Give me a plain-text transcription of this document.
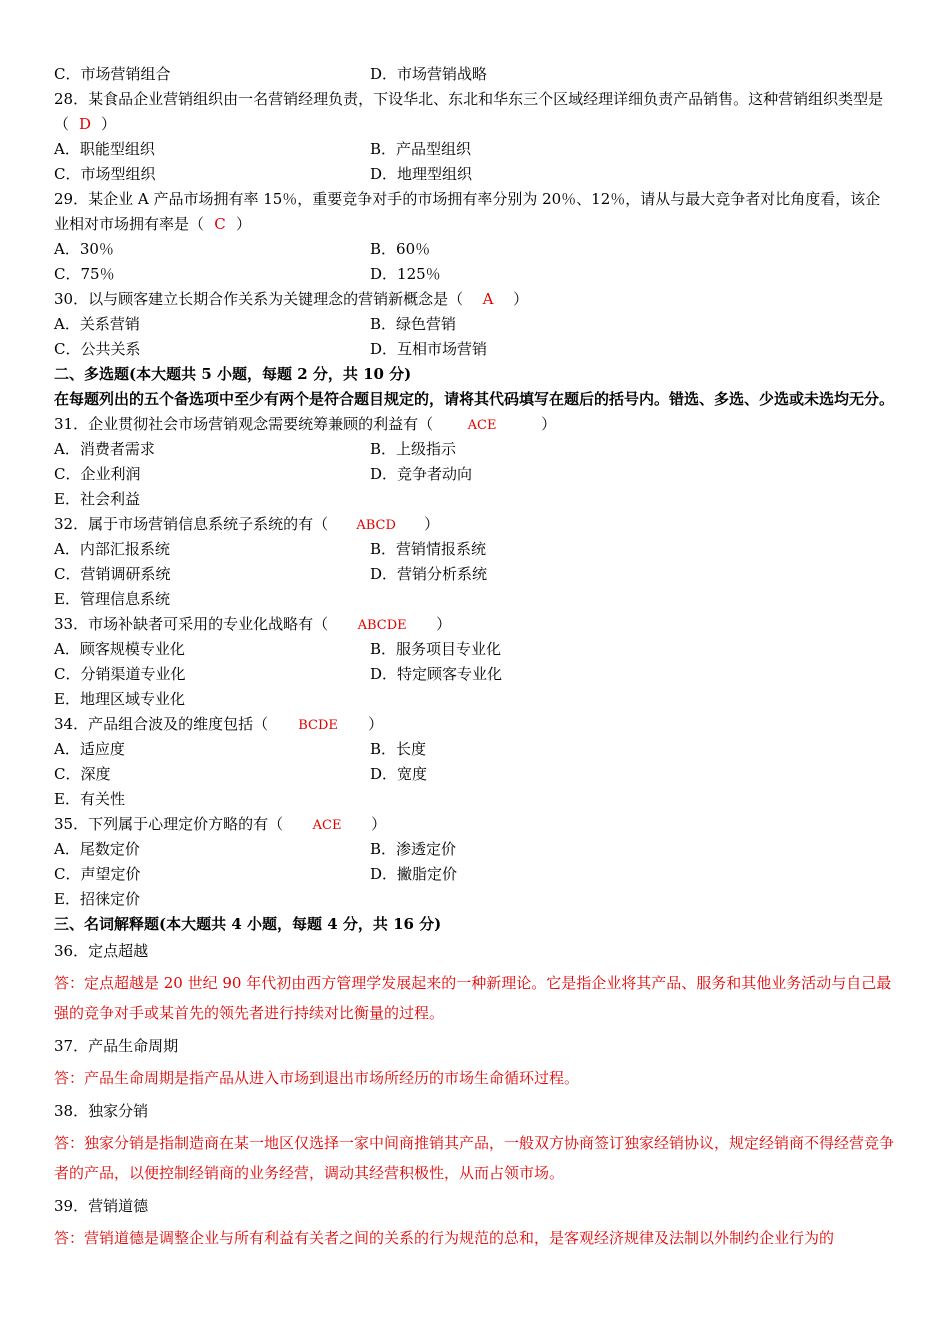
C．市场营销组合	D．市场营销战略
28．某食品企业营销组织由一名营销经理负责，下设华北、东北和华东三个区域经理详细负责产品销售。这种营销组织类型是（ D ）
A．职能型组织	B．产品型组织
C．市场型组织	D．地理型组织
29．某企业 A 产品市场拥有率 15％，重要竞争对手的市场拥有率分别为 20％、12％，请从与最大竞争者对比角度看，该企业相对市场拥有率是（ C ）
A．30％	B．60％
C．75％	D．125％
30．以与顾客建立长期合作关系为关键理念的营销新概念是（ A ）
A．关系营销	B．绿色营销
C．公共关系	D．互相市场营销
二、多选题(本大题共 5 小题，每题 2 分，共 10 分)
在每题列出的五个备选项中至少有两个是符合题目规定的，请将其代码填写在题后的括号内。错选、多选、少选或未选均无分。
31．企业贯彻社会市场营销观念需要统筹兼顾的利益有（	ACE	）
A．消费者需求	B．上级指示
C．企业利润	D．竞争者动向
E．社会利益
32．属于市场营销信息系统子系统的有（ ABCD ）
A．内部汇报系统	B．营销情报系统
C．营销调研系统	D．营销分析系统
E．管理信息系统
33．市场补缺者可采用的专业化战略有（ ABCDE ）
A．顾客规模专业化	B．服务项目专业化
C．分销渠道专业化	D．特定顾客专业化
E．地理区域专业化
34．产品组合波及的维度包括（ BCDE ）
A．适应度	B．长度
C．深度	D．宽度
E．有关性
35．下列属于心理定价方略的有（ ACE ）
A．尾数定价	B．渗透定价
C．声望定价	D．撇脂定价
E．招徕定价
三、名词解释题(本大题共 4 小题，每题 4 分，共 16 分)
36．定点超越
答：定点超越是 20 世纪 90 年代初由西方管理学发展起来的一种新理论。它是指企业将其产品、服务和其他业务活动与自己最强的竞争对手或某首先的领先者进行持续对比衡量的过程。
37．产品生命周期
答：产品生命周期是指产品从进入市场到退出市场所经历的市场生命循环过程。
38．独家分销
答：独家分销是指制造商在某一地区仅选择一家中间商推销其产品，一般双方协商签订独家经销协议，规定经销商不得经营竞争者的产品，以便控制经销商的业务经营，调动其经营积极性，从而占领市场。
39．营销道德
答：营销道德是调整企业与所有利益有关者之间的关系的行为规范的总和，是客观经济规律及法制以外制约企业行为的
